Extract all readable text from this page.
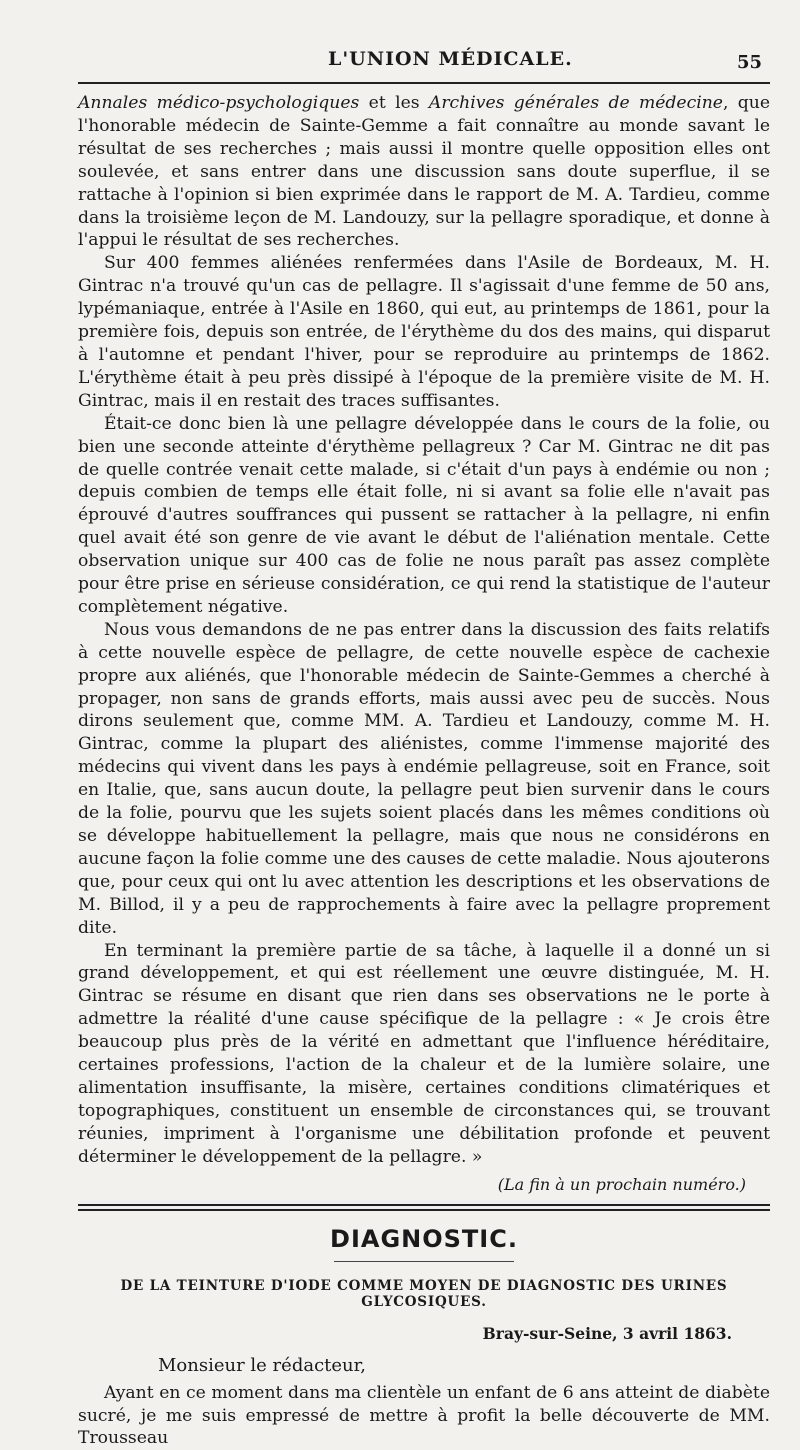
L'UNION MÉDICALE.	55

Annales médico-psychologiques et les Archives générales de médecine, que l'honorable médecin de Sainte-Gemme a fait connaître au monde savant le résultat de ses recherches ; mais aussi il montre quelle opposition elles ont soulevée, et sans entrer dans une discussion sans doute superflue, il se rattache à l'opinion si bien exprimée dans le rapport de M. A. Tardieu, comme dans la troisième leçon de M. Landouzy, sur la pellagre sporadique, et donne à l'appui le résultat de ses recherches.

Sur 400 femmes aliénées renfermées dans l'Asile de Bordeaux, M. H. Gintrac n'a trouvé qu'un cas de pellagre. Il s'agissait d'une femme de 50 ans, lypémaniaque, entrée à l'Asile en 1860, qui eut, au printemps de 1861, pour la première fois, depuis son entrée, de l'érythème du dos des mains, qui disparut à l'automne et pendant l'hiver, pour se reproduire au printemps de 1862. L'érythème était à peu près dissipé à l'époque de la première visite de M. H. Gintrac, mais il en restait des traces suffisantes.

Était-ce donc bien là une pellagre développée dans le cours de la folie, ou bien une seconde atteinte d'érythème pellagreux ? Car M. Gintrac ne dit pas de quelle contrée venait cette malade, si c'était d'un pays à endémie ou non ; depuis combien de temps elle était folle, ni si avant sa folie elle n'avait pas éprouvé d'autres souffrances qui pussent se rattacher à la pellagre, ni enfin quel avait été son genre de vie avant le début de l'aliénation mentale. Cette observation unique sur 400 cas de folie ne nous paraît pas assez complète pour être prise en sérieuse considération, ce qui rend la statistique de l'auteur complètement négative.

Nous vous demandons de ne pas entrer dans la discussion des faits relatifs à cette nouvelle espèce de pellagre, de cette nouvelle espèce de cachexie propre aux aliénés, que l'honorable médecin de Sainte-Gemmes a cherché à propager, non sans de grands efforts, mais aussi avec peu de succès. Nous dirons seulement que, comme MM. A. Tardieu et Landouzy, comme M. H. Gintrac, comme la plupart des aliénistes, comme l'immense majorité des médecins qui vivent dans les pays à endémie pellagreuse, soit en France, soit en Italie, que, sans aucun doute, la pellagre peut bien survenir dans le cours de la folie, pourvu que les sujets soient placés dans les mêmes conditions où se développe habituellement la pellagre, mais que nous ne considérons en aucune façon la folie comme une des causes de cette maladie. Nous ajouterons que, pour ceux qui ont lu avec attention les descriptions et les observations de M. Billod, il y a peu de rapprochements à faire avec la pellagre proprement dite.

En terminant la première partie de sa tâche, à laquelle il a donné un si grand développement, et qui est réellement une œuvre distinguée, M. H. Gintrac se résume en disant que rien dans ses observations ne le porte à admettre la réalité d'une cause spécifique de la pellagre : « Je crois être beaucoup plus près de la vérité en admettant que l'influence héréditaire, certaines professions, l'action de la chaleur et de la lumière solaire, une alimentation insuffisante, la misère, certaines conditions climatériques et topographiques, constituent un ensemble de circonstances qui, se trouvant réunies, impriment à l'organisme une débilitation profonde et peuvent déterminer le développement de la pellagre. »

(La fin à un prochain numéro.)
DIAGNOSTIC.
DE LA TEINTURE D'IODE COMME MOYEN DE DIAGNOSTIC DES URINES GLYCOSIQUES.
Bray-sur-Seine, 3 avril 1863.
Monsieur le rédacteur,

Ayant en ce moment dans ma clientèle un enfant de 6 ans atteint de diabète sucré, je me suis empressé de mettre à profit la belle découverte de MM. Trousseau
